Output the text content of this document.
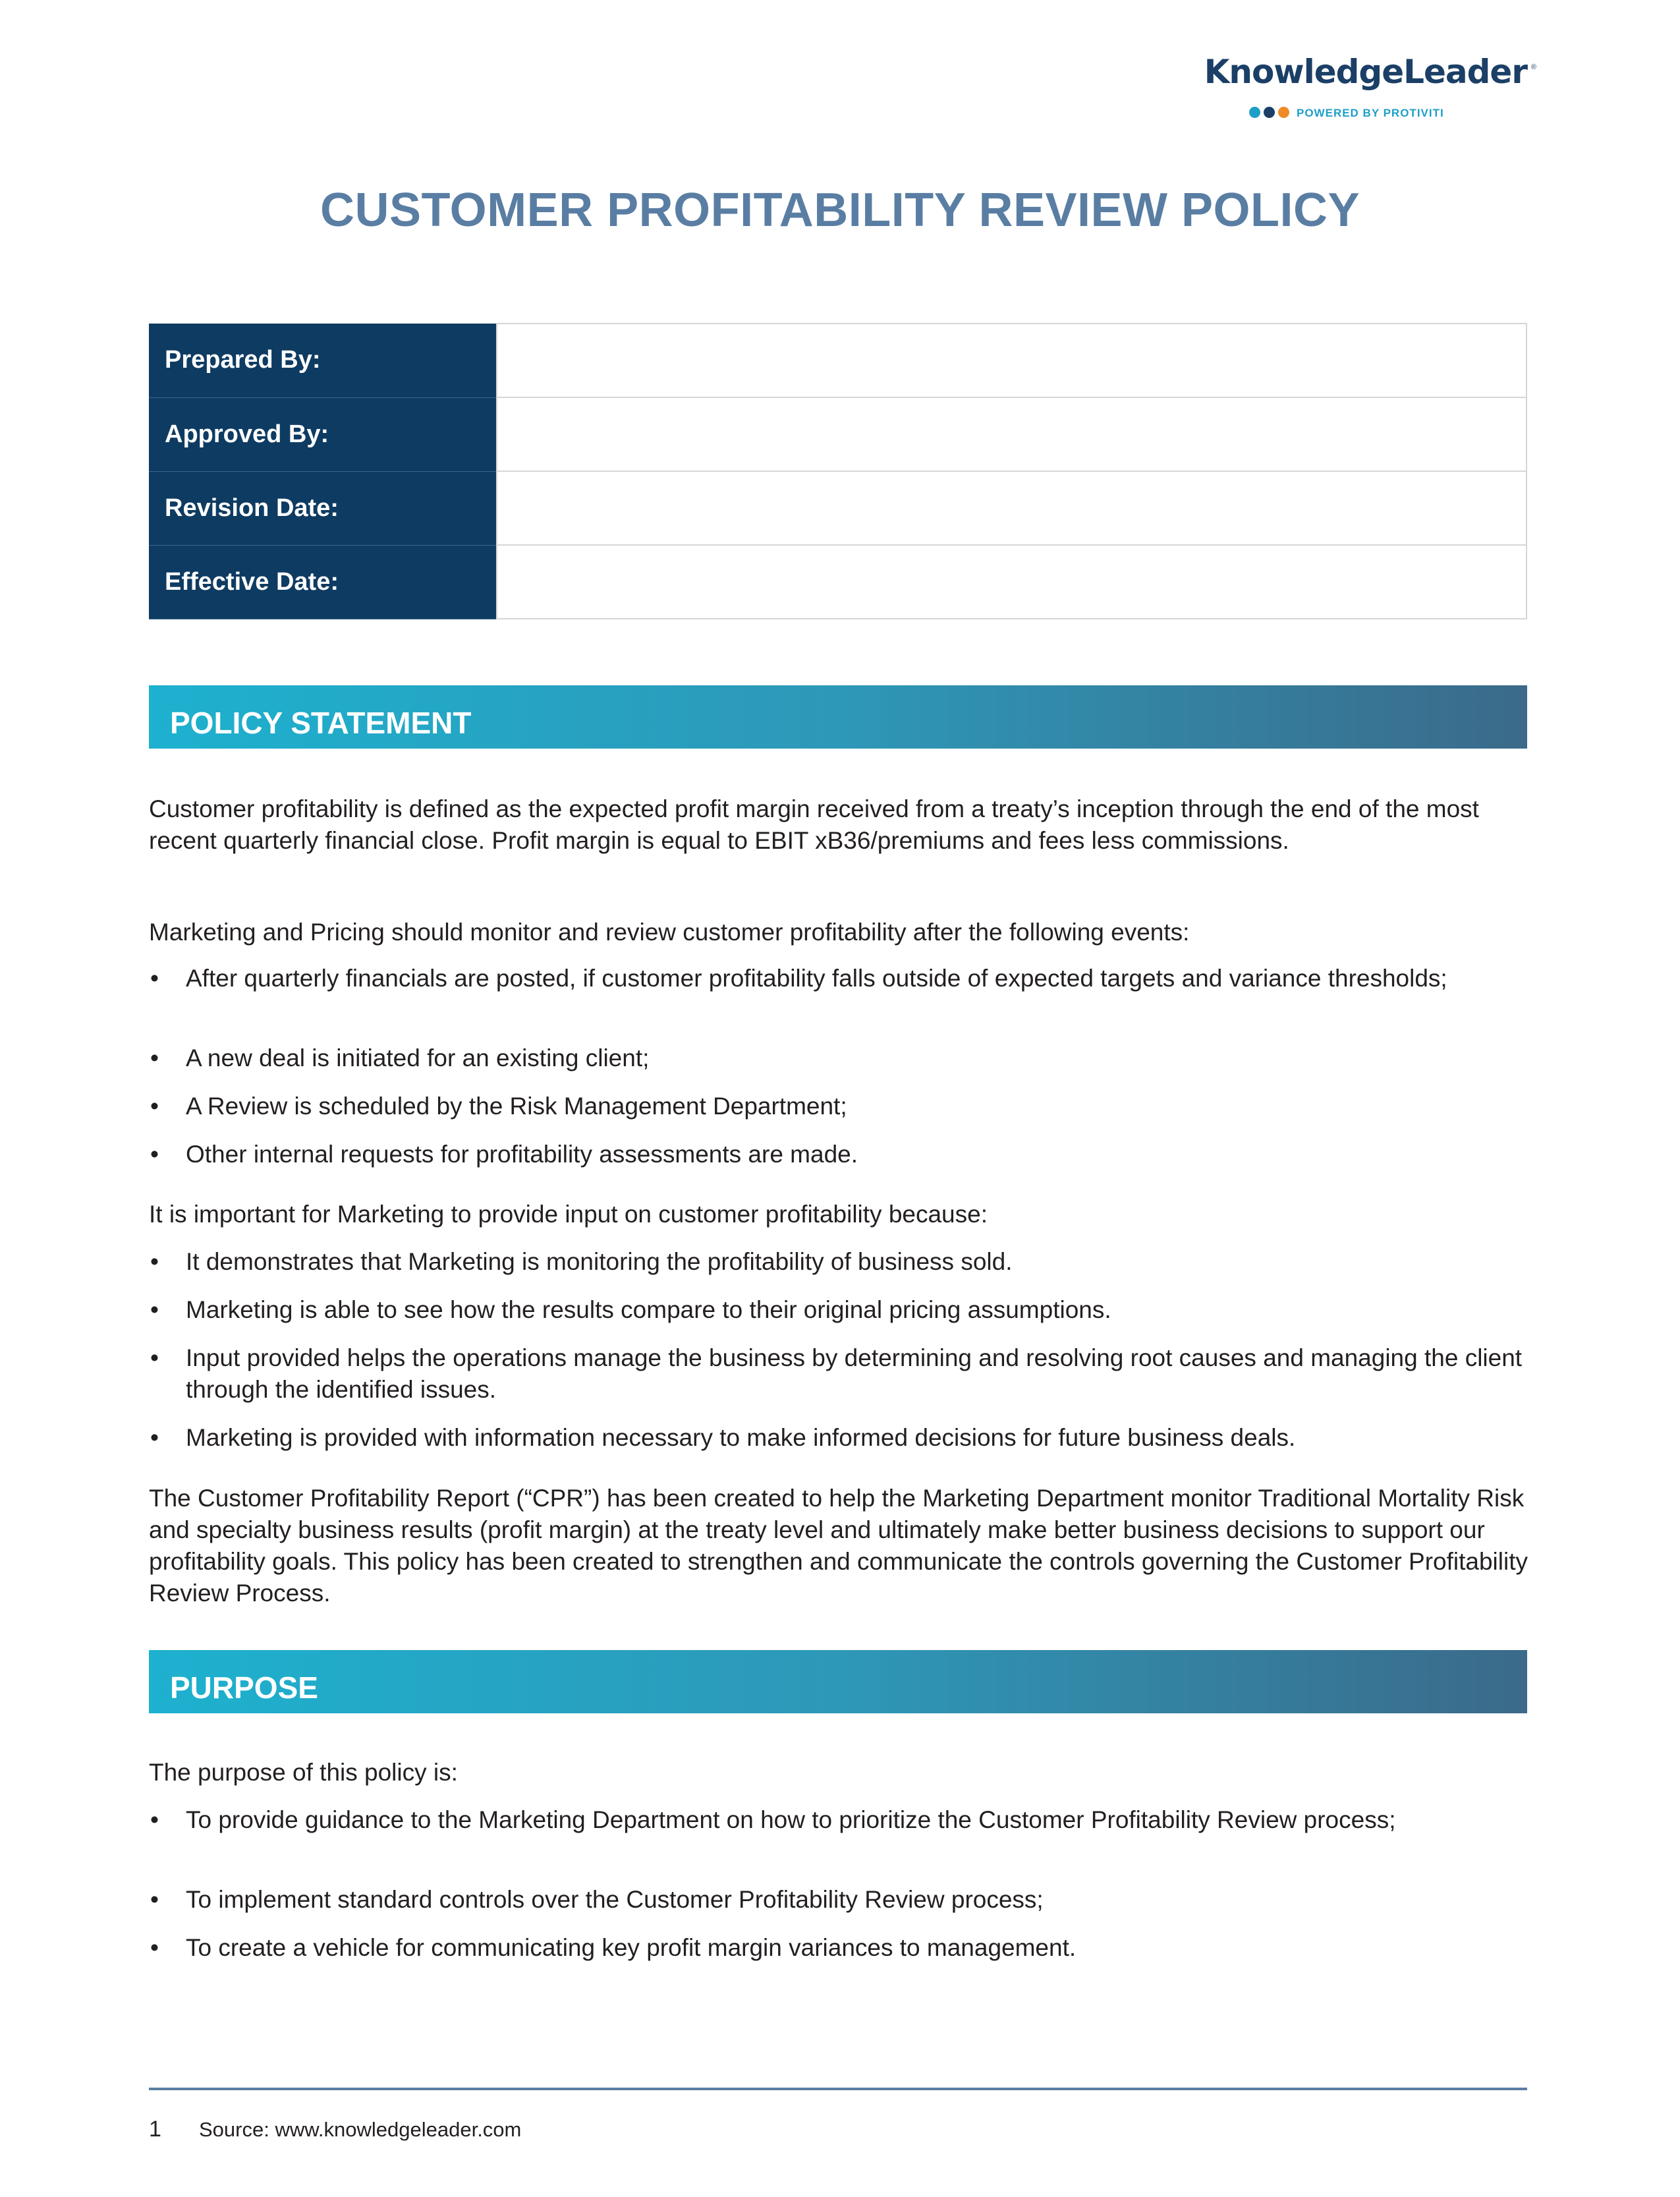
KnowledgeLeader ®
POWERED BY PROTIVITI
CUSTOMER PROFITABILITY REVIEW POLICY
Prepared By:	
Approved By:	
Revision Date:	
Effective Date:	
POLICY STATEMENT

Customer profitability is defined as the expected profit margin received from a treaty’s inception through the end of the most recent quarterly financial close. Profit margin is equal to EBIT xB36/premiums and fees less commissions.

Marketing and Pricing should monitor and review customer profitability after the following events:

• After quarterly financials are posted, if customer profitability falls outside of expected targets and variance thresholds;

• A new deal is initiated for an existing client;

• A Review is scheduled by the Risk Management Department;

• Other internal requests for profitability assessments are made.

It is important for Marketing to provide input on customer profitability because:

• It demonstrates that Marketing is monitoring the profitability of business sold.

• Marketing is able to see how the results compare to their original pricing assumptions.

• Input provided helps the operations manage the business by determining and resolving root causes and managing the client through the identified issues.

• Marketing is provided with information necessary to make informed decisions for future business deals.

The Customer Profitability Report (“CPR”) has been created to help the Marketing Department monitor Traditional Mortality Risk and specialty business results (profit margin) at the treaty level and ultimately make better business decisions to support our profitability goals. This policy has been created to strengthen and communicate the controls governing the Customer Profitability Review Process.

PURPOSE

The purpose of this policy is:

• To provide guidance to the Marketing Department on how to prioritize the Customer Profitability Review process;

• To implement standard controls over the Customer Profitability Review process;

• To create a vehicle for communicating key profit margin variances to management.

1 Source: www.knowledgeleader.com
